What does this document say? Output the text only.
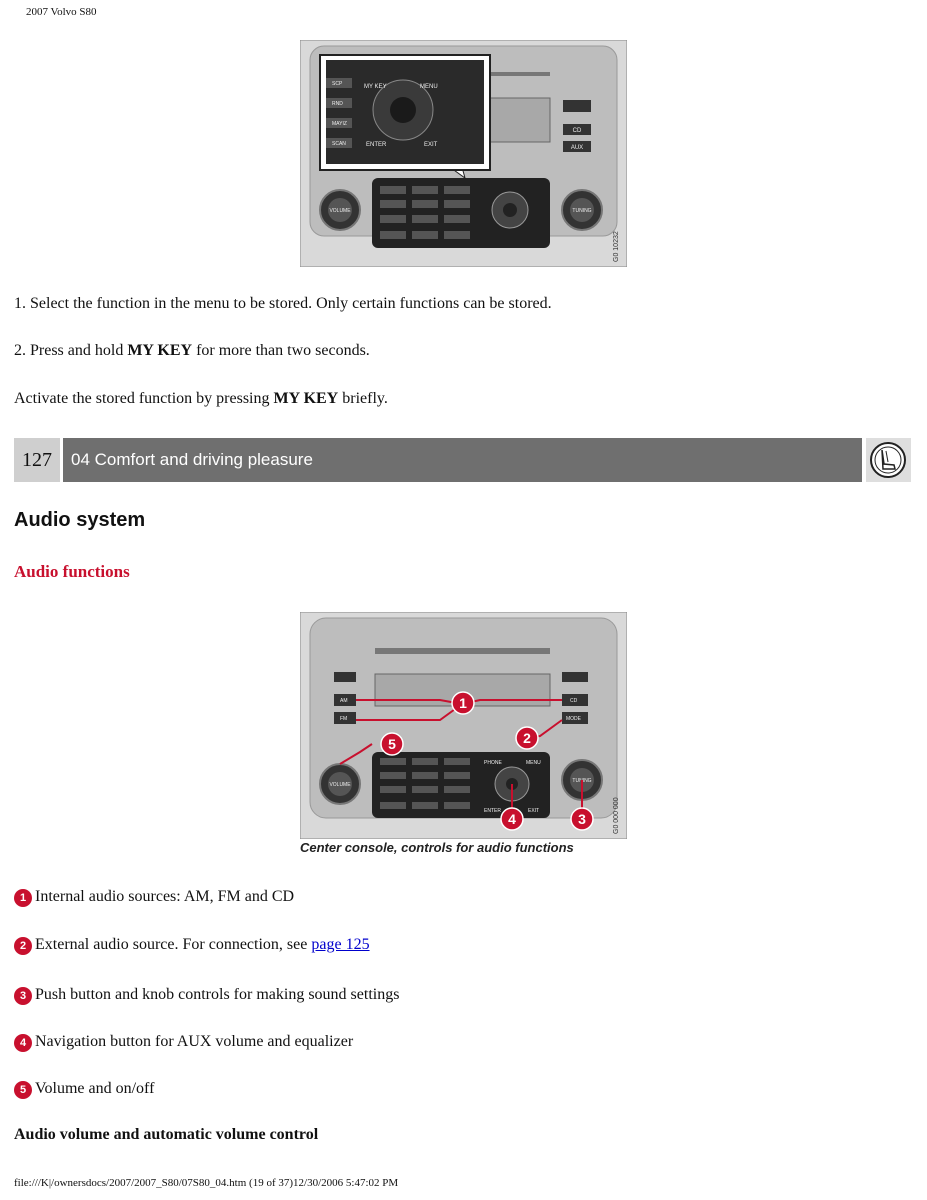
2007 Volvo S80
CD
AUX
VOLUME	TUNING
G0 10232
SCP
RND
MAYIZ
SCAN
MY KEY	MENU
ENTER	EXIT
1. Select the function in the menu to be stored. Only certain functions can be stored.
2. Press and hold MY KEY for more than two seconds.
Activate the stored function by pressing MY KEY briefly.
127	04 Comfort and driving pleasure
Audio system
Audio functions
AM
FM
CD
MODE
PHONE	MENU
ENTER	EXIT
VOLUME
TUNING
G0 000 000
1
2
3
4
5
Center console, controls for audio functions
1 Internal audio sources: AM, FM and CD
2 External audio source. For connection, see
page 125
3 Push button and knob controls for making sound settings
4 Navigation button for AUX volume and equalizer
5 Volume and on/off
Audio volume and automatic volume control
file:///K|/ownersdocs/2007/2007_S80/07S80_04.htm (19 of 37)12/30/2006 5:47:02 PM
